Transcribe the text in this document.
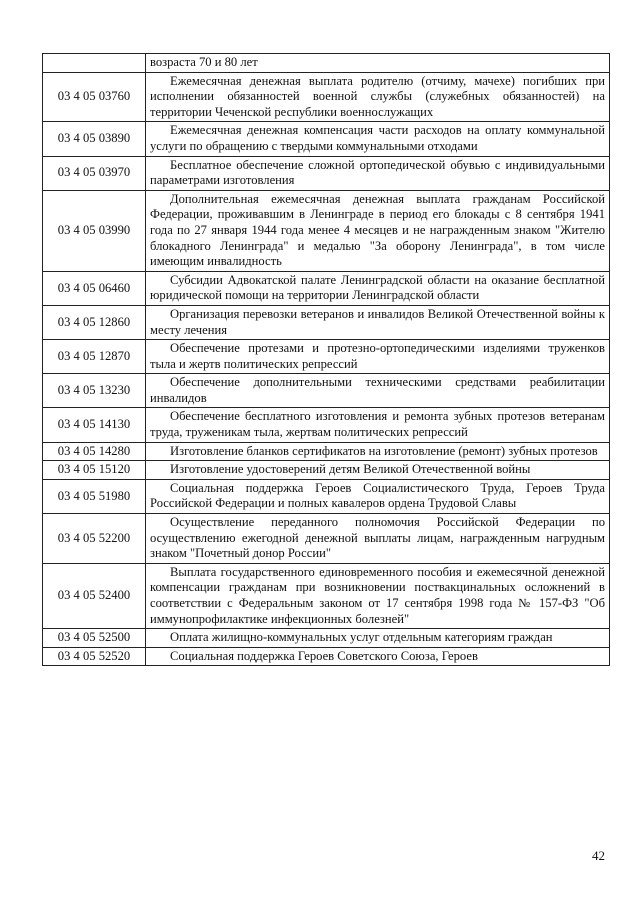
	возраста 70 и 80 лет
03 4 05 03760	Ежемесячная денежная выплата родителю (отчиму, мачехе) погибших при исполнении обязанностей военной службы (служебных обязанностей) на территории Чеченской республики военнослужащих
03 4 05 03890	Ежемесячная денежная компенсация части расходов на оплату коммунальной услуги по обращению с твердыми коммунальными отходами
03 4 05 03970	Бесплатное обеспечение сложной ортопедической обувью с индивидуальными параметрами изготовления
03 4 05 03990	Дополнительная ежемесячная денежная выплата гражданам Российской Федерации, проживавшим в Ленинграде в период его блокады с 8 сентября 1941 года по 27 января 1944 года менее 4 месяцев и не награжденным знаком "Жителю блокадного Ленинграда" и медалью "За оборону Ленинграда", в том числе имеющим инвалидность
03 4 05 06460	Субсидии Адвокатской палате Ленинградской области на оказание бесплатной юридической помощи на территории Ленинградской области
03 4 05 12860	Организация перевозки ветеранов и инвалидов Великой Отечественной войны к месту лечения
03 4 05 12870	Обеспечение протезами и протезно-ортопедическими изделиями труженков тыла и жертв политических репрессий
03 4 05 13230	Обеспечение дополнительными техническими средствами реабилитации инвалидов
03 4 05 14130	Обеспечение бесплатного изготовления и ремонта зубных протезов ветеранам труда, труженикам тыла, жертвам политических репрессий
03 4 05 14280	Изготовление бланков сертификатов на изготовление (ремонт) зубных протезов
03 4 05 15120	Изготовление удостоверений детям Великой Отечественной войны
03 4 05 51980	Социальная поддержка Героев Социалистического Труда, Героев Труда Российской Федерации и полных кавалеров ордена Трудовой Славы
03 4 05 52200	Осуществление переданного полномочия Российской Федерации по осуществлению ежегодной денежной выплаты лицам, награжденным нагрудным знаком "Почетный донор России"
03 4 05 52400	Выплата государственного единовременного пособия и ежемесячной денежной компенсации гражданам при возникновении поствакцинальных осложнений в соответствии с Федеральным законом от 17 сентября 1998 года № 157-ФЗ "Об иммунопрофилактике инфекционных болезней"
03 4 05 52500	Оплата жилищно-коммунальных услуг отдельным категориям граждан
03 4 05 52520	Социальная поддержка Героев Советского Союза, Героев
42
